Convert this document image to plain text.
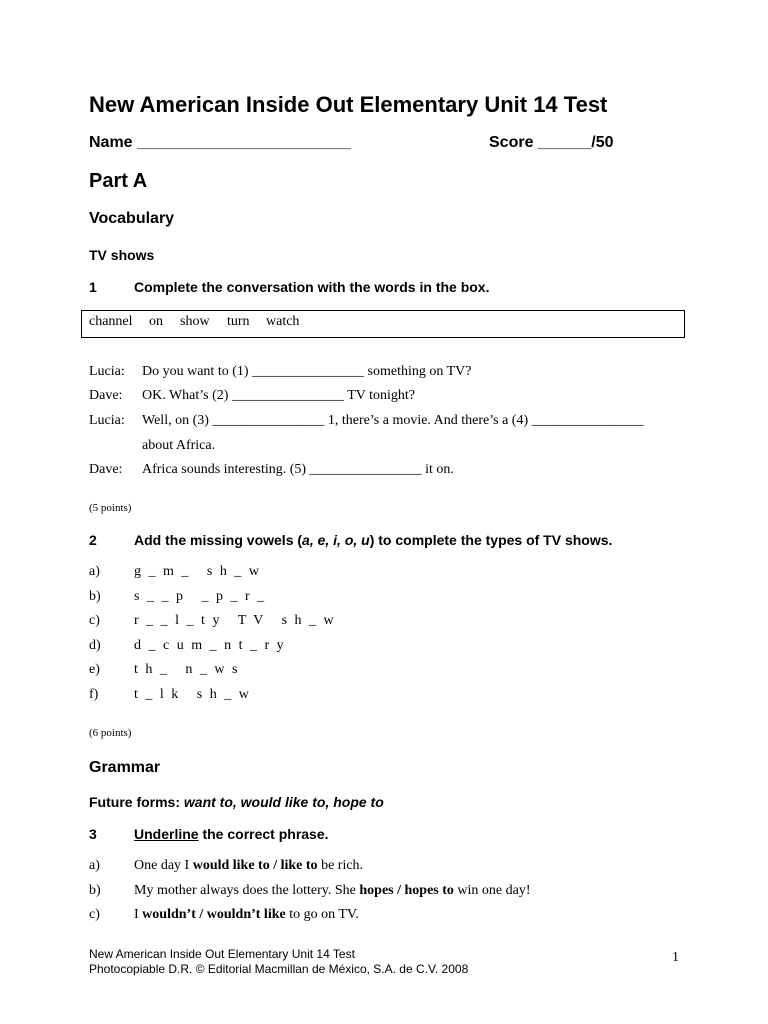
New American Inside Out Elementary Unit 14 Test
Name ________________________	Score ______/50
Part A
Vocabulary
TV shows
1	Complete the conversation with the words in the box.
channel on show turn watch
Lucia: Do you want to (1) ________________ something on TV?
Dave: OK. What’s (2) ________________ TV tonight?
Lucia: Well, on (3) ________________ 1, there’s a movie. And there’s a (4) ________________
about Africa.
Dave: Africa sounds interesting. (5) ________________ it on.
(5 points)
2	Add the missing vowels (a, e, i, o, u) to complete the types of TV shows.
a) g _ m _   s h _ w
b) s _ _ p   _ p _ r _
c) r _ _ l _ t y   T V   s h _ w
d) d _ c u m _ n t _ r y
e) t h _   n _ w s
f)	t _ l k   s h _ w
(6 points)
Grammar
Future forms: want to, would like to, hope to
3	Underline the correct phrase.
a) One day I would like to / like to be rich.
b) My mother always does the lottery. She hopes / hopes to win one day!
c) I wouldn’t / wouldn’t like to go on TV.
New American Inside Out Elementary Unit 14 Test
Photocopiable D.R. © Editorial Macmillan de México, S.A. de C.V. 2008
1
